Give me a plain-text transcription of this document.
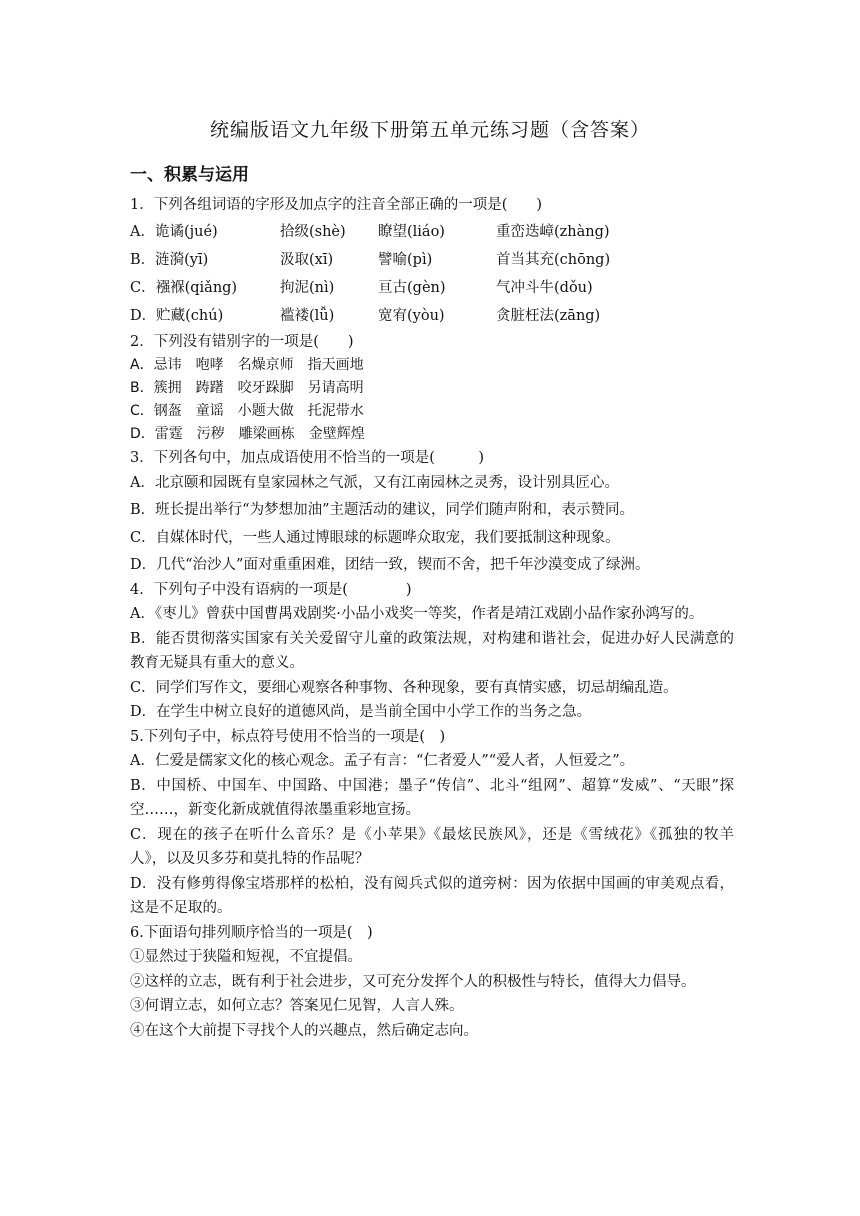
统编版语文九年级下册第五单元练习题（含答案）
一、积累与运用
1．下列各组词语的字形及加点字的注音全部正确的一项是(　　)
A．诡谲(jué)	拾级(shè)	瞭望(liáo)	重峦迭嶂(zhàng)
B．涟漪(yī)	汲取(xī)	譬喻(pì)	首当其充(chōng)
C．襁褓(qiǎng)	拘泥(nì)	亘古(gèn)	气冲斗牛(dǒu)
D．贮藏(chú)	褴褛(lǚ)	宽宥(yòu)	贪脏枉法(zāng)
2．下列没有错别字的一项是(　　)
A．忌讳　咆哮　名燥京师　指天画地
B．簇拥　踌躇　咬牙跺脚　另请高明
C．钢盔　童谣　小题大做　托泥带水
D．雷霆　污秽　雕梁画栋　金壁辉煌
3．下列各句中，加点成语使用不恰当的一项是(　　　)
A．北京颐和园既有皇家园林之气派，又有江南园林之灵秀，设计别具匠心。
B．班长提出举行“为梦想加油”主题活动的建议，同学们随声附和，表示赞同。
C．自媒体时代，一些人通过博眼球的标题哗众取宠，我们要抵制这种现象。
D．几代“治沙人”面对重重困难，团结一致，锲而不舍，把千年沙漠变成了绿洲。
4．下列句子中没有语病的一项是(　　　　)
A．《枣儿》曾获中国曹禺戏剧奖·小品小戏奖一等奖，作者是靖江戏剧小品作家孙鸿写的。
B．能否贯彻落实国家有关关爱留守儿童的政策法规，对构建和谐社会，促进办好人民满意的教育无疑具有重大的意义。
C．同学们写作文，要细心观察各种事物、各种现象，要有真情实感，切忌胡编乱造。
D．在学生中树立良好的道德风尚，是当前全国中小学工作的当务之急。
5.下列句子中，标点符号使用不恰当的一项是(　)
A．仁爱是儒家文化的核心观念。孟子有言：“仁者爱人”“爱人者，人恒爱之”。
B．中国桥、中国车、中国路、中国港；墨子“传信”、北斗“组网”、超算“发威”、“天眼”探空……，新变化新成就值得浓墨重彩地宣扬。
C．现在的孩子在听什么音乐？是《小苹果》《最炫民族风》，还是《雪绒花》《孤独的牧羊人》，以及贝多芬和莫扎特的作品呢？
D．没有修剪得像宝塔那样的松柏，没有阅兵式似的道旁树：因为依据中国画的审美观点看，这是不足取的。
6.下面语句排列顺序恰当的一项是(　)
①显然过于狭隘和短视，不宜提倡。
②这样的立志，既有利于社会进步，又可充分发挥个人的积极性与特长，值得大力倡导。
③何谓立志，如何立志？答案见仁见智，人言人殊。
④在这个大前提下寻找个人的兴趣点，然后确定志向。
